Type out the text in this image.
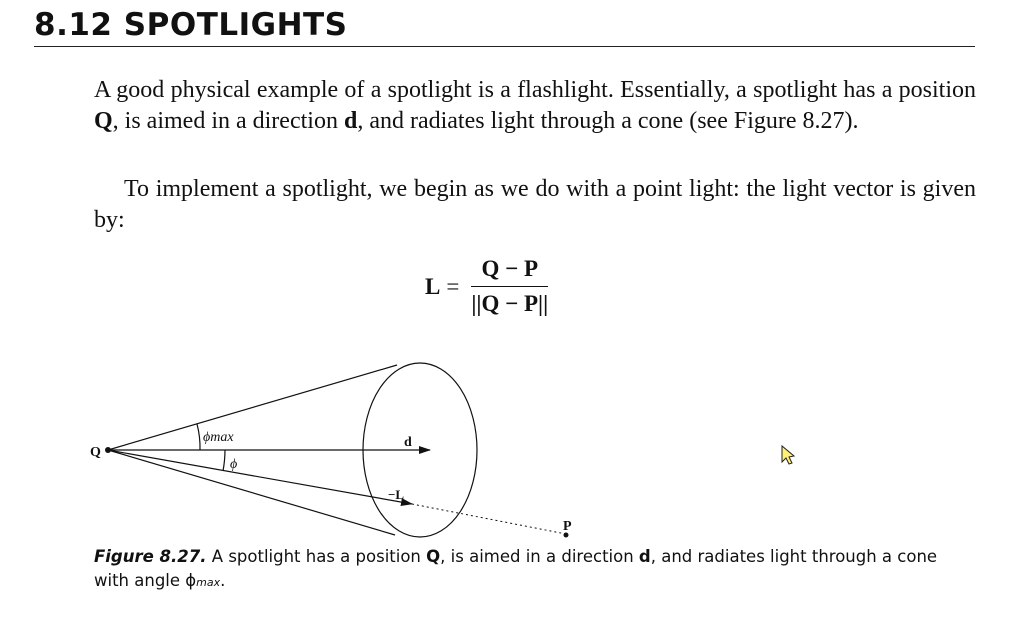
8.12 SPOTLIGHTS

A good physical example of a spotlight is a flashlight. Essentially, a spotlight has a position Q, is aimed in a direction d, and radiates light through a cone (see Figure 8.27).

To implement a spotlight, we begin as we do with a point light: the light vector is given by:

$L = \frac{Q - P}{||Q - P||}$
Q
P
d
−L
ϕmax
ϕ

Figure 8.27. A spotlight has a position Q, is aimed in a direction d, and radiates light through a cone with angle ϕmax.
